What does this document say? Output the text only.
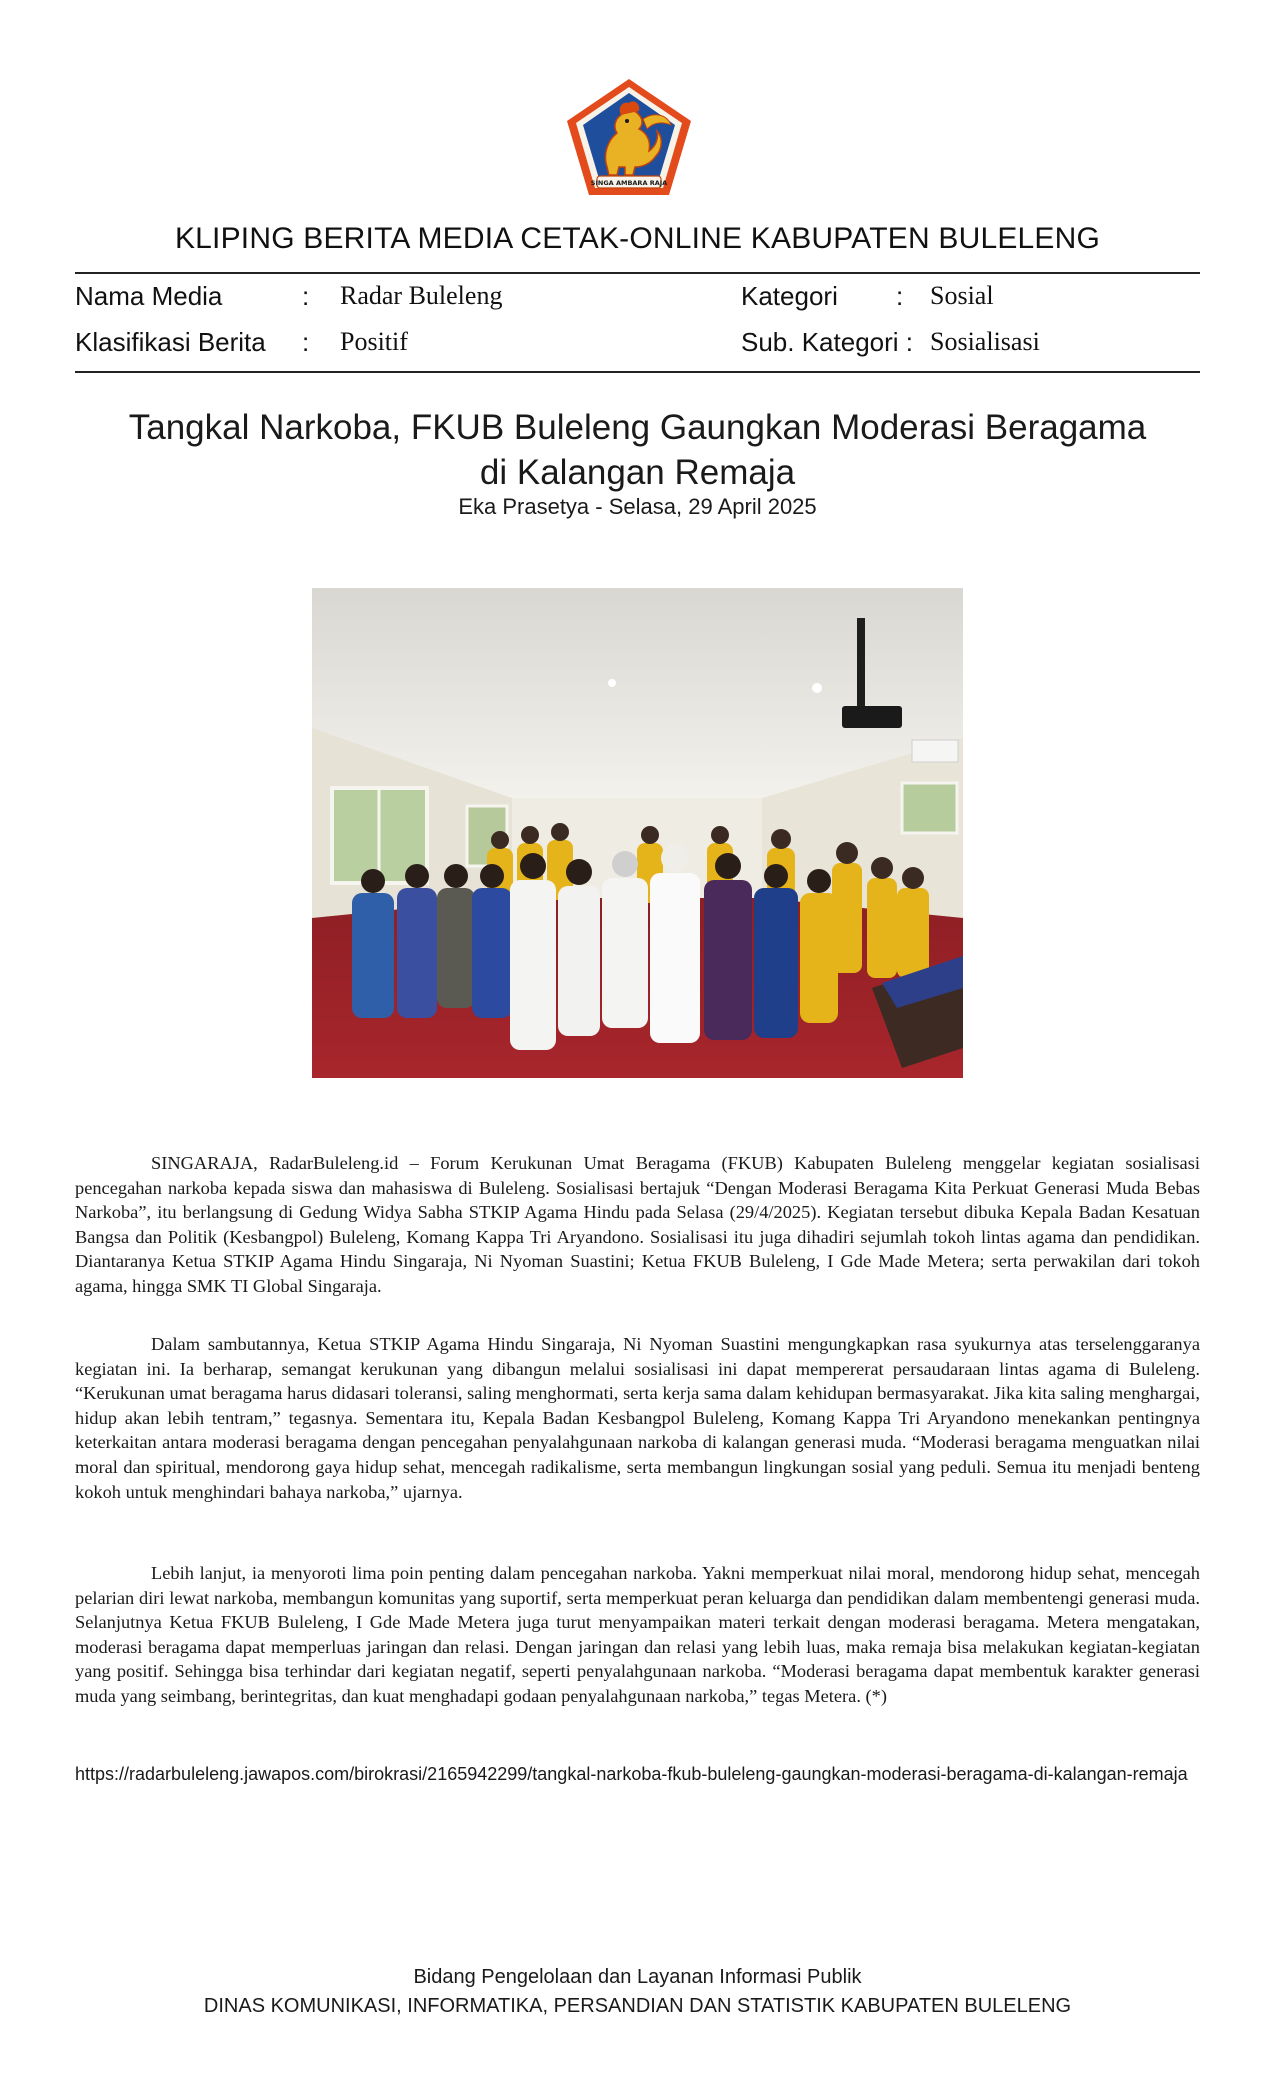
SINGA AMBARA RAJA
KLIPING BERITA MEDIA CETAK-ONLINE KABUPATEN BULELENG
Nama Media	: Radar Buleleng
Klasifikasi Berita : Positif
Kategori : Sosial
Sub. Kategori : Sosialisasi
Tangkal Narkoba, FKUB Buleleng Gaungkan Moderasi Beragama
di Kalangan Remaja
Eka Prasetya - Selasa, 29 April 2025

SINGARAJA, RadarBuleleng.id – Forum Kerukunan Umat Beragama (FKUB) Kabupaten Buleleng menggelar kegiatan sosialisasi pencegahan narkoba kepada siswa dan mahasiswa di Buleleng. Sosialisasi bertajuk “Dengan Moderasi Beragama Kita Perkuat Generasi Muda Bebas Narkoba”, itu berlangsung di Gedung Widya Sabha STKIP Agama Hindu pada Selasa (29/4/2025). Kegiatan tersebut dibuka Kepala Badan Kesatuan Bangsa dan Politik (Kesbangpol) Buleleng, Komang Kappa Tri Aryandono. Sosialisasi itu juga dihadiri sejumlah tokoh lintas agama dan pendidikan. Diantaranya Ketua STKIP Agama Hindu Singaraja, Ni Nyoman Suastini; Ketua FKUB Buleleng, I Gde Made Metera; serta perwakilan dari tokoh agama, hingga SMK TI Global Singaraja.

Dalam sambutannya, Ketua STKIP Agama Hindu Singaraja, Ni Nyoman Suastini mengungkapkan rasa syukurnya atas terselenggaranya kegiatan ini. Ia berharap, semangat kerukunan yang dibangun melalui sosialisasi ini dapat mempererat persaudaraan lintas agama di Buleleng. “Kerukunan umat beragama harus didasari toleransi, saling menghormati, serta kerja sama dalam kehidupan bermasyarakat. Jika kita saling menghargai, hidup akan lebih tentram,” tegasnya. Sementara itu, Kepala Badan Kesbangpol Buleleng, Komang Kappa Tri Aryandono menekankan pentingnya keterkaitan antara moderasi beragama dengan pencegahan penyalahgunaan narkoba di kalangan generasi muda. “Moderasi beragama menguatkan nilai moral dan spiritual, mendorong gaya hidup sehat, mencegah radikalisme, serta membangun lingkungan sosial yang peduli. Semua itu menjadi benteng kokoh untuk menghindari bahaya narkoba,” ujarnya.

Lebih lanjut, ia menyoroti lima poin penting dalam pencegahan narkoba. Yakni memperkuat nilai moral, mendorong hidup sehat, mencegah pelarian diri lewat narkoba, membangun komunitas yang suportif, serta memperkuat peran keluarga dan pendidikan dalam membentengi generasi muda. Selanjutnya Ketua FKUB Buleleng, I Gde Made Metera juga turut menyampaikan materi terkait dengan moderasi beragama. Metera mengatakan, moderasi beragama dapat memperluas jaringan dan relasi. Dengan jaringan dan relasi yang lebih luas, maka remaja bisa melakukan kegiatan-kegiatan yang positif. Sehingga bisa terhindar dari kegiatan negatif, seperti penyalahgunaan narkoba. “Moderasi beragama dapat membentuk karakter generasi muda yang seimbang, berintegritas, dan kuat menghadapi godaan penyalahgunaan narkoba,” tegas Metera. (*)

https://radarbuleleng.jawapos.com/birokrasi/2165942299/tangkal-narkoba-fkub-buleleng-gaungkan-moderasi-beragama-di-kalangan-remaja
Bidang Pengelolaan dan Layanan Informasi Publik
DINAS KOMUNIKASI, INFORMATIKA, PERSANDIAN DAN STATISTIK KABUPATEN BULELENG
